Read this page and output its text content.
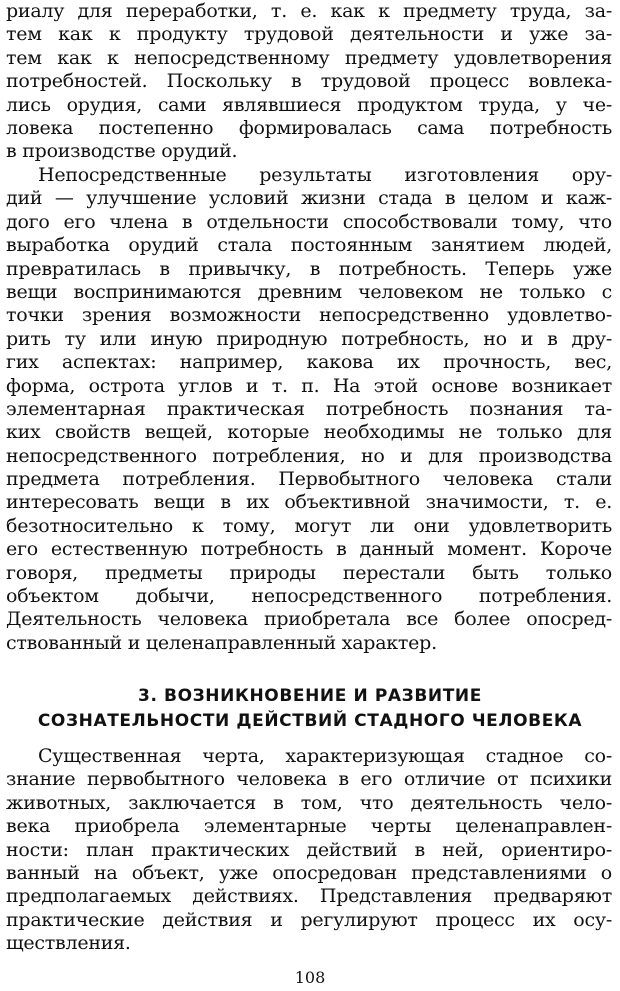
риалу для переработки, т. е. как к предмету труда, за-
тем как к продукту трудовой деятельности и уже за-
тем как к непосредственному предмету удовлетворения
потребностей. Поскольку в трудовой процесс вовлека-
лись орудия, сами являвшиеся продуктом труда, у че-
ловека постепенно формировалась сама потребность
в производстве орудий.
Непосредственные результаты изготовления ору-
дий — улучшение условий жизни стада в целом и каж-
дого его члена в отдельности способствовали тому, что
выработка орудий стала постоянным занятием людей,
превратилась в привычку, в потребность. Теперь уже
вещи воспринимаются древним человеком не только с
точки зрения возможности непосредственно удовлетво-
рить ту или иную природную потребность, но и в дру-
гих аспектах: например, какова их прочность, вес,
форма, острота углов и т. п. На этой основе возникает
элементарная практическая потребность познания та-
ких свойств вещей, которые необходимы не только для
непосредственного потребления, но и для производства
предмета потребления. Первобытного человека стали
интересовать вещи в их объективной значимости, т. е.
безотносительно к тому, могут ли они удовлетворить
его естественную потребность в данный момент. Короче
говоря, предметы природы перестали быть только
объектом добычи, непосредственного потребления.
Деятельность человека приобретала все более опосред-
ствованный и целенаправленный характер.
3. ВОЗНИКНОВЕНИЕ И РАЗВИТИЕ
СОЗНАТЕЛЬНОСТИ ДЕЙСТВИЙ СТАДНОГО ЧЕЛОВЕКА
Существенная черта, характеризующая стадное со-
знание первобытного человека в его отличие от психики
животных, заключается в том, что деятельность чело-
века приобрела элементарные черты целенаправлен-
ности: план практических действий в ней, ориентиро-
ванный на объект, уже опосредован представлениями о
предполагаемых действиях. Представления предваряют
практические действия и регулируют процесс их осу-
ществления.
108
